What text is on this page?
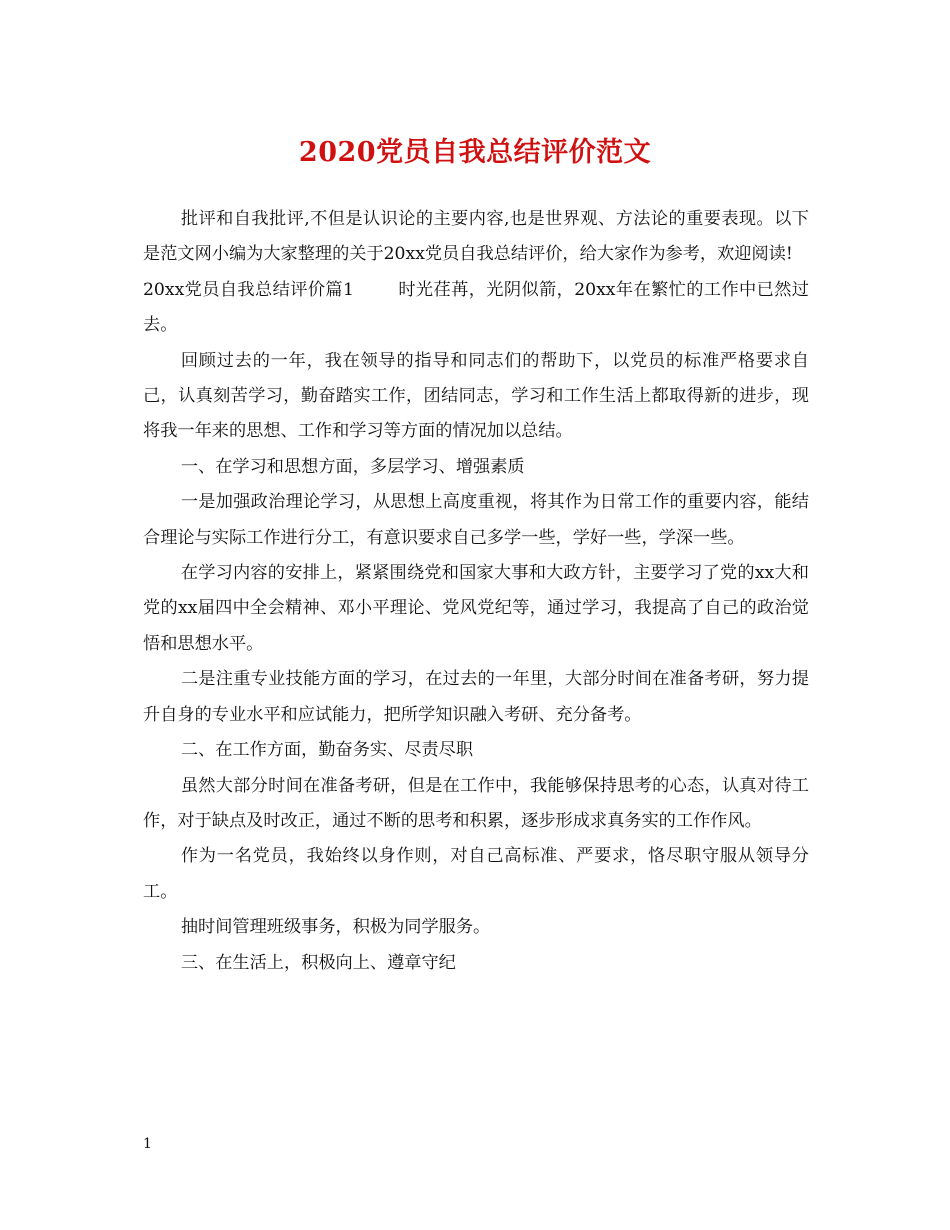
2020党员自我总结评价范文

批评和自我批评,不但是认识论的主要内容,也是世界观、方法论的重要表现。以下是范文网小编为大家整理的关于20xx党员自我总结评价，给大家作为参考，欢迎阅读!

20xx党员自我总结评价篇1	时光荏苒，光阴似箭，20xx年在繁忙的工作中已然过去。

回顾过去的一年，我在领导的指导和同志们的帮助下，以党员的标准严格要求自己，认真刻苦学习，勤奋踏实工作，团结同志，学习和工作生活上都取得新的进步，现将我一年来的思想、工作和学习等方面的情况加以总结。

一、在学习和思想方面，多层学习、增强素质

一是加强政治理论学习，从思想上高度重视，将其作为日常工作的重要内容，能结合理论与实际工作进行分工，有意识要求自己多学一些，学好一些，学深一些。

在学习内容的安排上，紧紧围绕党和国家大事和大政方针，主要学习了党的xx大和党的xx届四中全会精神、邓小平理论、党风党纪等，通过学习，我提高了自己的政治觉悟和思想水平。

二是注重专业技能方面的学习，在过去的一年里，大部分时间在准备考研，努力提升自身的专业水平和应试能力，把所学知识融入考研、充分备考。

二、在工作方面，勤奋务实、尽责尽职

虽然大部分时间在准备考研，但是在工作中，我能够保持思考的心态，认真对待工作，对于缺点及时改正，通过不断的思考和积累，逐步形成求真务实的工作作风。

作为一名党员，我始终以身作则，对自己高标准、严要求，恪尽职守服从领导分工。

抽时间管理班级事务，积极为同学服务。

三、在生活上，积极向上、遵章守纪

1
